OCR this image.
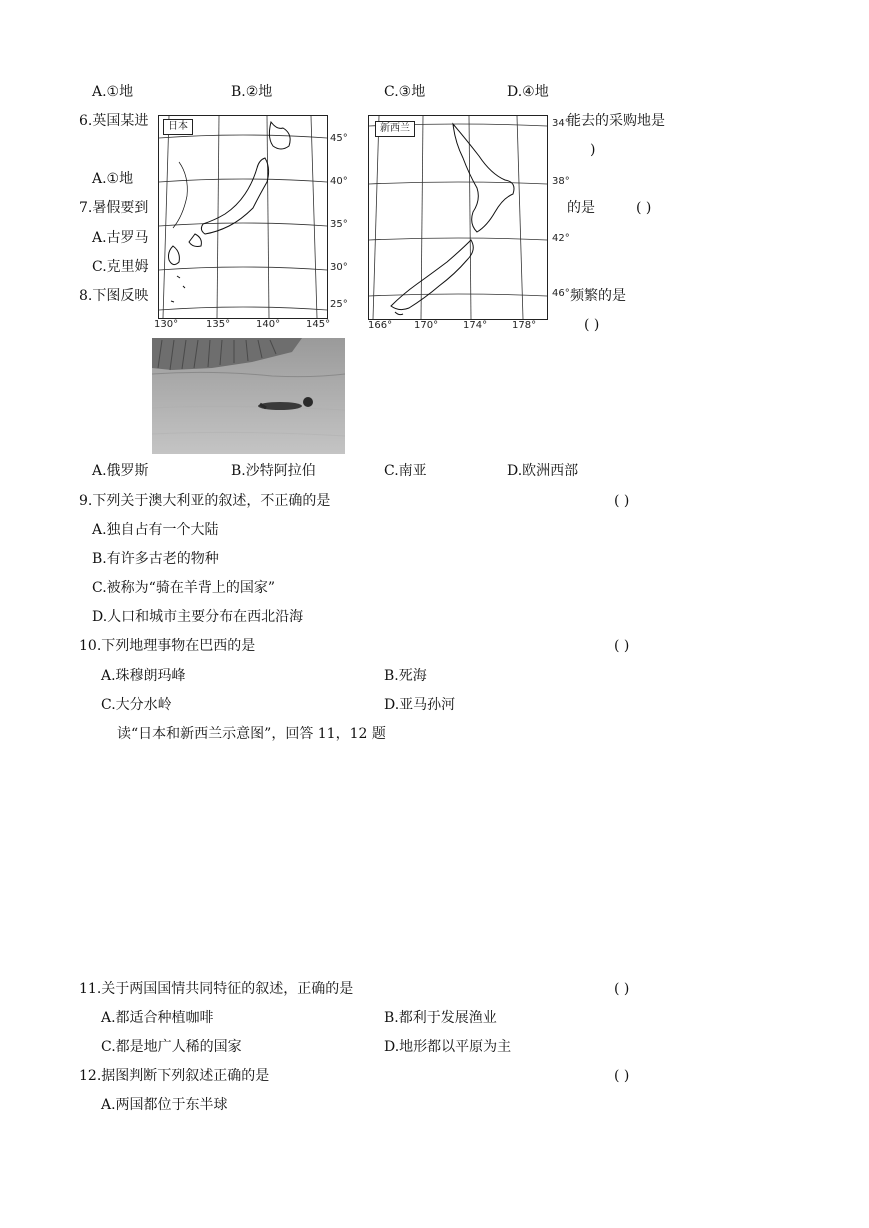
A.①地	B.②地	C.③地	D.④地
6.英国某进	能去的采购地是
)
A.①地
7.暑假要到	的是	( )
A.古罗马
C.克里姆
8.下图反映	频繁的是
( )
日本
45°
40°
35°
30°
25°
130°	135°	140°	145°
新西兰	34°
38°
42°
46°
166° 170° 174° 178°
A.俄罗斯	B.沙特阿拉伯	C.南亚	D.欧洲西部
9.下列关于澳大利亚的叙述，不正确的是	( )
A.独自占有一个大陆
B.有许多古老的物种
C.被称为“骑在羊背上的国家”
D.人口和城市主要分布在西北沿海
10.下列地理事物在巴西的是	( )
A.珠穆朗玛峰	B.死海
C.大分水岭	D.亚马孙河
读“日本和新西兰示意图”，回答 11，12 题
11.关于两国国情共同特征的叙述，正确的是	( )
A.都适合种植咖啡	B.都利于发展渔业
C.都是地广人稀的国家	D.地形都以平原为主
12.据图判断下列叙述正确的是	( )
A.两国都位于东半球
